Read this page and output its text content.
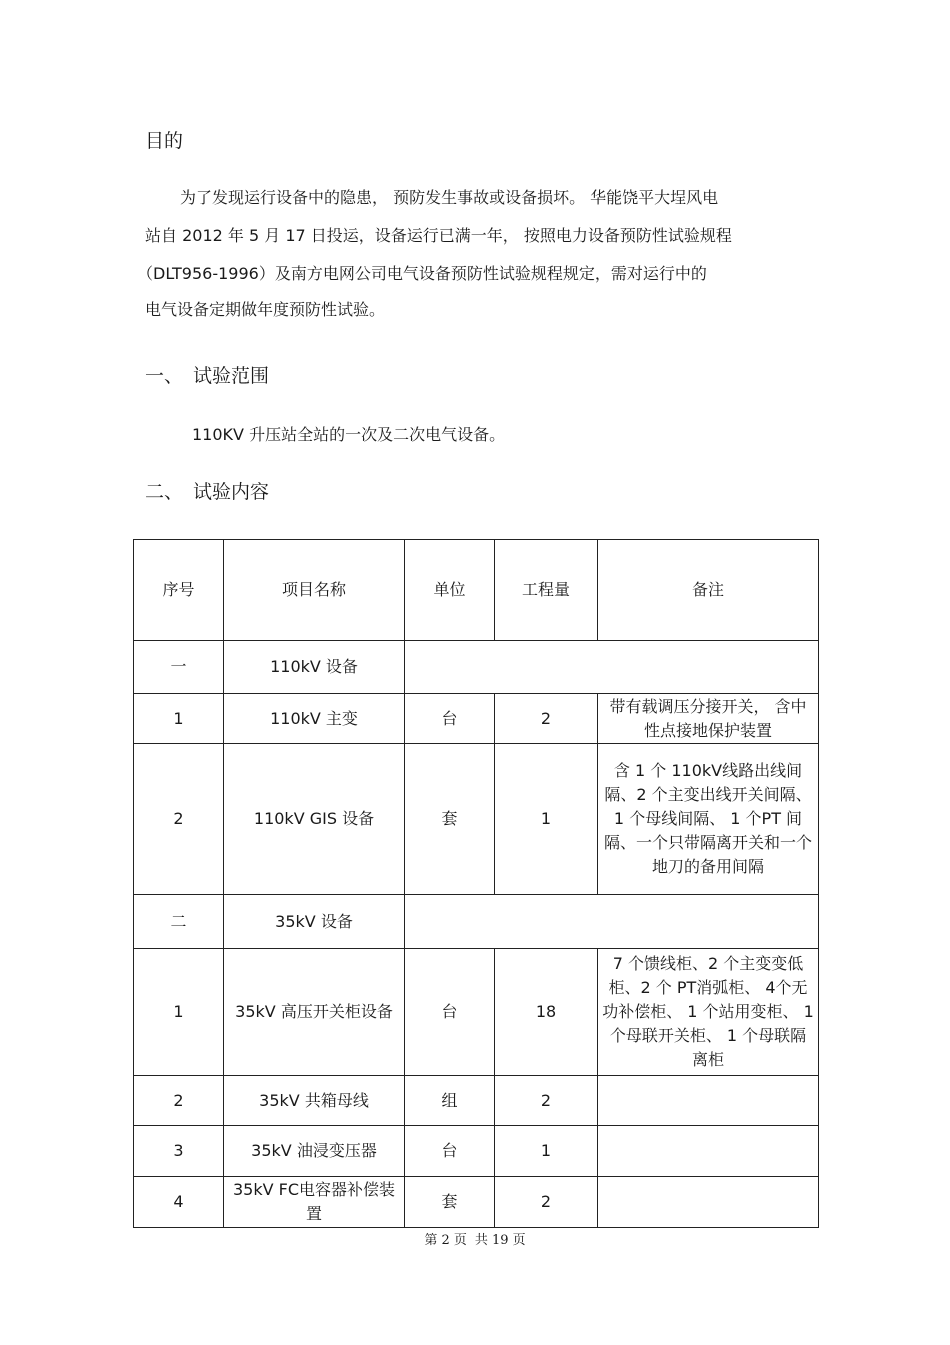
目的
为了发现运行设备中的隐患， 预防发生事故或设备损坏。 华能饶平大埕风电
站自 2012 年 5 月 17 日投运，设备运行已满一年， 按照电力设备预防性试验规程
（DLT956-1996）及南方电网公司电气设备预防性试验规程规定，需对运行中的
电气设备定期做年度预防性试验。
一、 试验范围
110KV 升压站全站的一次及二次电气设备。
二、 试验内容
序号	项目名称	单位	工程量	备注
一	110kV 设备			
1	110kV 主变	台	2	带有载调压分接开关， 含中性点接地保护装置
2	110kV GIS 设备	套	1	含 1 个 110kV线路出线间隔、2 个主变出线开关间隔、 1 个母线间隔、 1 个PT 间隔、一个只带隔离开关和一个地刀的备用间隔
二	35kV 设备			
1	35kV 高压开关柜设备	台	18	7 个馈线柜、2 个主变变低柜、2 个 PT消弧柜、 4个无功补偿柜、 1 个站用变柜、 1 个母联开关柜、 1 个母联隔离柜
2	35kV 共箱母线	组	2	
3	35kV 油浸变压器	台	1	
4	35kV FC电容器补偿装置	套	2	
第 2 页 共 19 页
